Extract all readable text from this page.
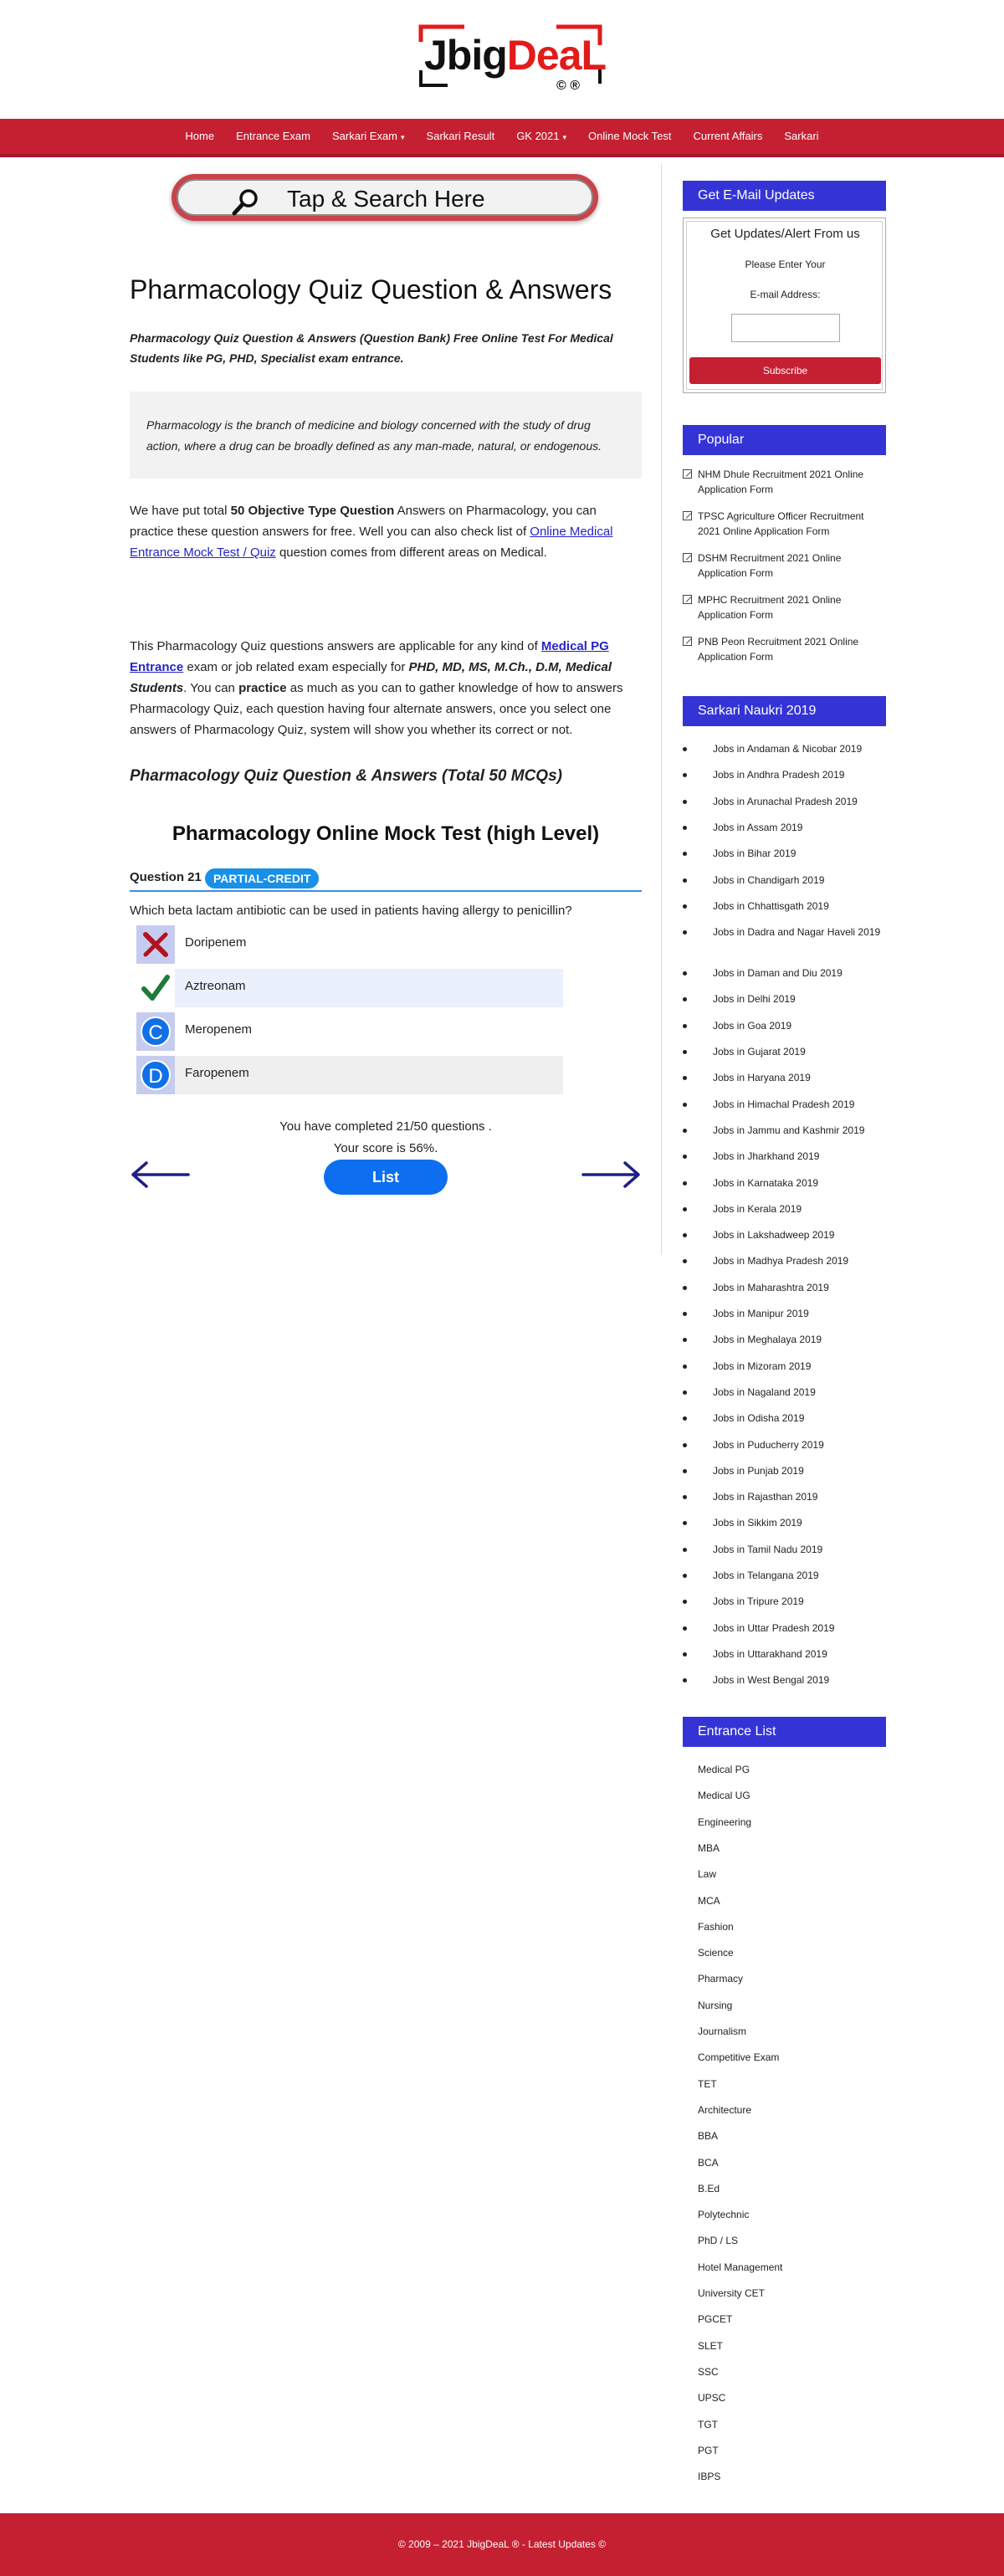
JbigDeaL
© ®
Home	Entrance Exam	Sarkari Exam ▾	Sarkari Result	GK 2021 ▾	Online Mock Test	Current Affairs	Sarkari
Tap & Search Here
Pharmacology Quiz Question & Answers

Pharmacology Quiz Question & Answers (Question Bank) Free Online Test For Medical Students like PG, PHD, Specialist exam entrance.

Pharmacology is the branch of medicine and biology concerned with the study of drug action, where a drug can be broadly defined as any man-made, natural, or endogenous.

We have put total 50 Objective Type Question Answers on Pharmacology, you can practice these question answers for free. Well you can also check list of Online Medical Entrance Mock Test / Quiz question comes from different areas on Medical.

This Pharmacology Quiz questions answers are applicable for any kind of Medical PG Entrance exam or job related exam especially for PHD, MD, MS, M.Ch., D.M, Medical Students. You can practice as much as you can to gather knowledge of how to answers Pharmacology Quiz, each question having four alternate answers, once you select one answers of Pharmacology Quiz, system will show you whether its correct or not.

Pharmacology Quiz Question & Answers (Total 50 MCQs)
Pharmacology Online Mock Test (high Level)
Question 21	PARTIAL-CREDIT

Which beta lactam antibiotic can be used in patients having allergy to penicillin?

Doripenem
Aztreonam
C	Meropenem
D	Faropenem
You have completed 21/50 questions .
Your score is 56%.
List
Get E-Mail Updates
Get Updates/Alert From us
Please Enter Your
E-mail Address:
Subscribe
Popular
NHM Dhule Recruitment 2021 Online Application Form
TPSC Agriculture Officer Recruitment 2021 Online Application Form
DSHM Recruitment 2021 Online Application Form
MPHC Recruitment 2021 Online Application Form
PNB Peon Recruitment 2021 Online Application Form
Sarkari Naukri 2019
Jobs in Andaman & Nicobar 2019
Jobs in Andhra Pradesh 2019
Jobs in Arunachal Pradesh 2019
Jobs in Assam 2019
Jobs in Bihar 2019
Jobs in Chandigarh 2019
Jobs in Chhattisgath 2019
Jobs in Dadra and Nagar Haveli 2019
Jobs in Daman and Diu 2019
Jobs in Delhi 2019
Jobs in Goa 2019
Jobs in Gujarat 2019
Jobs in Haryana 2019
Jobs in Himachal Pradesh 2019
Jobs in Jammu and Kashmir 2019
Jobs in Jharkhand 2019
Jobs in Karnataka 2019
Jobs in Kerala 2019
Jobs in Lakshadweep 2019
Jobs in Madhya Pradesh 2019
Jobs in Maharashtra 2019
Jobs in Manipur 2019
Jobs in Meghalaya 2019
Jobs in Mizoram 2019
Jobs in Nagaland 2019
Jobs in Odisha 2019
Jobs in Puducherry 2019
Jobs in Punjab 2019
Jobs in Rajasthan 2019
Jobs in Sikkim 2019
Jobs in Tamil Nadu 2019
Jobs in Telangana 2019
Jobs in Tripure 2019
Jobs in Uttar Pradesh 2019
Jobs in Uttarakhand 2019
Jobs in West Bengal 2019
Entrance List
Medical PG
Medical UG
Engineering
MBA
Law
MCA
Fashion
Science
Pharmacy
Nursing
Journalism
Competitive Exam
TET
Architecture
BBA
BCA
B.Ed
Polytechnic
PhD / LS
Hotel Management
University CET
PGCET
SLET
SSC
UPSC
TGT
PGT
IBPS
© 2009 – 2021 JbigDeaL ® - Latest Updates ©
